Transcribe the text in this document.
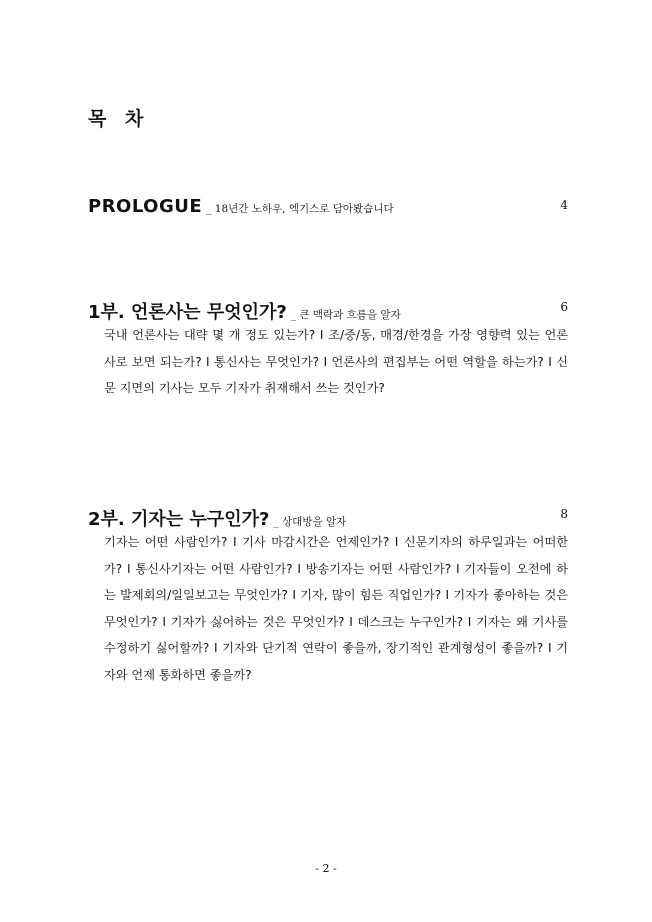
목 차
PROLOGUE _ 18년간 노하우, 엑기스로 담아봤습니다	4
1부. 언론사는 무엇인가? _ 큰 맥락과 흐름을 알자
6
국내 언론사는 대략 몇 개 정도 있는가? I 조/중/동, 매경/한경을 가장 영향력 있는 언론사로 보면 되는가? I 통신사는 무엇인가? I 언론사의 편집부는 어떤 역할을 하는가? I 신문 지면의 기사는 모두 기자가 취재해서 쓰는 것인가?
2부. 기자는 누구인가? _ 상대방을 알자
8
기자는 어떤 사람인가? I 기사 마감시간은 언제인가? I 신문기자의 하루일과는 어떠한가? I 통신사기자는 어떤 사람인가? I 방송기자는 어떤 사람인가? I 기자들이 오전에 하는 발제회의/일일보고는 무엇인가? I 기자, 많이 힘든 직업인가? I 기자가 좋아하는 것은 무엇인가? I 기자가 싫어하는 것은 무엇인가? I 데스크는 누구인가? I 기자는 왜 기사를 수정하기 싫어할까? I 기자와 단기적 연락이 좋을까, 장기적인 관계형성이 좋을까? I 기자와 언제 통화하면 좋을까?
- 2 -
